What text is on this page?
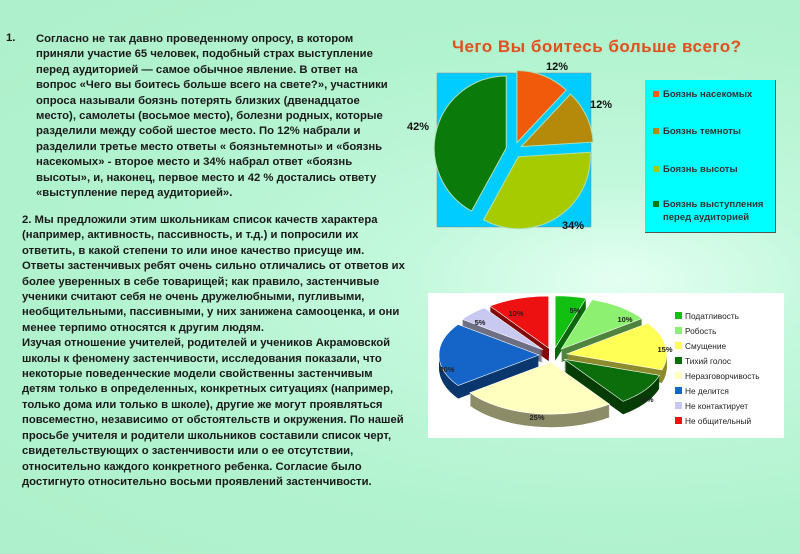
1. Согласно не так давно проведенному опросу, в котором приняли участие 65 человек, подобный страх выступление перед аудиторией — самое обычное явление. В ответ на вопрос «Чего вы боитесь больше всего на свете?», участники опроса называли боязнь потерять близких (двенадцатое место), самолеты (восьмое место), болезни родных, которые разделили между собой шестое место. По 12% набрали и разделили третье место ответы « боязньтемноты» и «боязнь насекомых» - второе место и 34% набрал ответ «боязнь высоты», и, наконец, первое место и 42 % достались ответу «выступление перед аудиторией».
2. Мы предложили этим школьникам список качеств характера (например, активность, пассивность, и т.д.) и попросили их ответить, в какой степени то или иное качество присуще им. Ответы застенчивых ребят очень сильно отличались от ответов их более уверенных в себе товарищей; как правило, застенчивые ученики считают себя не очень дружелюбными, пугливыми, необщительными, пассивными, у них занижена самооценка, и они менее терпимо относятся к другим людям.
Изучая отношение учителей, родителей и учеников Акрамовской школы к феномену застенчивости, исследования показали, что некоторые поведенческие модели свойственны застенчивым детям только в определенных, конкретных ситуациях (например, только дома или только в школе), другие же могут проявляться повсеместно, независимо от обстоятельств и окружения. По нашей просьбе учителя и родители школьников составили список черт, свидетельствующих о застенчивости или о ее отсутствии, относительно каждого конкретного ребенка. Согласие было достигнуто относительно восьми проявлений застенчивости.
Чего Вы боитесь больше всего?
12%
12%
34%
42%
5%
10%
15%
10%
25%
20%
5%
10%
Боязнь насекомых
Боязнь темноты
Боязнь высоты
Боязнь выступления перед аудиторией
Податливость
Робость
Смущение
Тихий голос
Неразговорчивость
Не делится
Не контактирует
Не общительный
